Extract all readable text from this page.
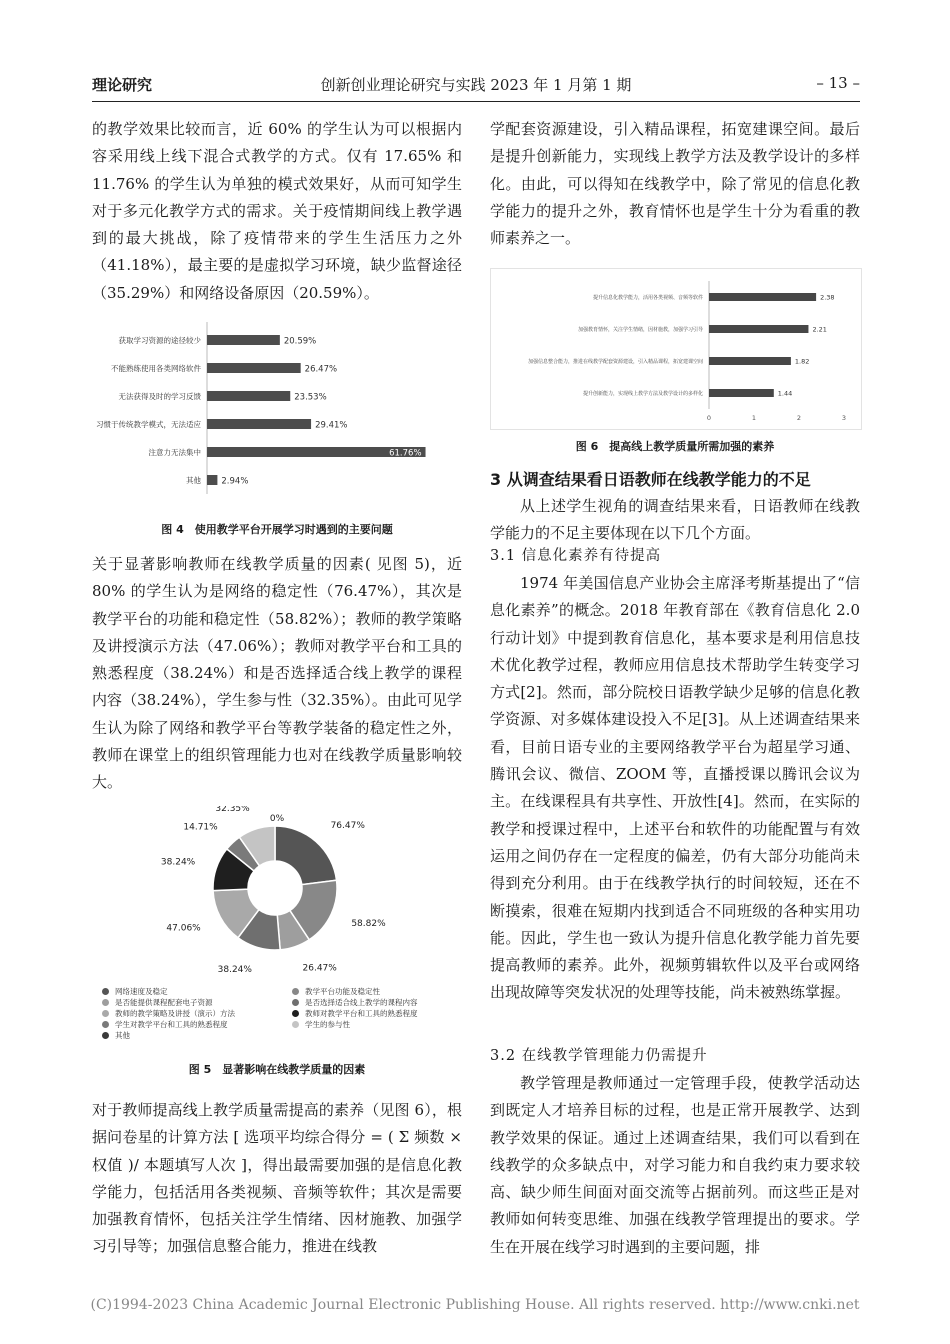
理论研究	创新创业理论研究与实践 2023 年 1 月第 1 期	– 13 –

的教学效果比较而言，近 60% 的学生认为可以根据内容采用线上线下混合式教学的方式。仅有 17.65% 和 11.76% 的学生认为单独的模式效果好，从而可知学生对于多元化教学方式的需求。关于疫情期间线上教学遇到的最大挑战，除了疫情带来的学生生活压力之外（41.18%），最主要的是虚拟学习环境，缺少监督途径（35.29%）和网络设备原因（20.59%）。

获取学习资源的途径较少	20.59%
不能熟练使用各类网络软件	26.47%
无法获得及时的学习反馈	23.53%
习惯于传统教学模式，无法适应	29.41%
注意力无法集中	61.76%
其他 2.94%
图 4　使用教学平台开展学习时遇到的主要问题

关于显著影响教师在线教学质量的因素( 见图 5)，近 80% 的学生认为是网络的稳定性（76.47%），其次是教学平台的功能和稳定性（58.82%）；教师的教学策略及讲授演示方法（47.06%）；教师对教学平台和工具的熟悉程度（38.24%）和是否选择适合线上教学的课程内容（38.24%），学生参与性（32.35%）。由此可见学生认为除了网络和教学平台等教学装备的稳定性之外，教师在课堂上的组织管理能力也对在线教学质量影响较大。

76.47%
58.82%
26.47%
38.24%
47.06%
38.24%
14.71%
32.35%
0%
网络速度及稳定	教学平台功能及稳定性
是否能提供课程配套电子资源	是否选择适合线上教学的课程内容
教师的教学策略及讲授（演示）方法	教师对教学平台和工具的熟悉程度
学生对教学平台和工具的熟悉程度	学生的参与性
其他
图 5　显著影响在线教学质量的因素

对于教师提高线上教学质量需提高的素养（见图 6），根据问卷星的计算方法 [ 选项平均综合得分 = ( Σ 频数 × 权值 )/ 本题填写人次 ]，得出最需要加强的是信息化教学能力，包括活用各类视频、音频等软件；其次是需要加强教育情怀，包括关注学生情绪、因材施教、加强学习引导等；加强信息整合能力，推进在线教

学配套资源建设，引入精品课程，拓宽建课空间。最后是提升创新能力，实现线上教学方法及教学设计的多样化。由此，可以得知在线教学中，除了常见的信息化教学能力的提升之外，教育情怀也是学生十分为看重的教师素养之一。

0	1	2	3
提升信息化教学能力，活用各类视频、音频等软件	2.38
加强教育情怀，关注学生情绪，因材施教，加强学习引导	2.21
加强信息整合能力，推进在线教学配套资源建设，引入精品课程，拓宽建课空间	1.82
提升创新能力，实现线上教学方法及教学设计的多样化	1.44
图 6　提高线上教学质量所需加强的素养
3 从调查结果看日语教师在线教学能力的不足

从上述学生视角的调查结果来看，日语教师在线教学能力的不足主要体现在以下几个方面。

3.1 信息化素养有待提高

1974 年美国信息产业协会主席泽考斯基提出了“信息化素养”的概念。2018 年教育部在《教育信息化 2.0 行动计划》中提到教育信息化，基本要求是利用信息技术优化教学过程，教师应用信息技术帮助学生转变学习方式[2]。然而，部分院校日语教学缺少足够的信息化教学资源、对多媒体建设投入不足[3]。从上述调查结果来看，目前日语专业的主要网络教学平台为超星学习通、腾讯会议、微信、ZOOM 等，直播授课以腾讯会议为主。在线课程具有共享性、开放性[4]。然而，在实际的教学和授课过程中，上述平台和软件的功能配置与有效运用之间仍存在一定程度的偏差，仍有大部分功能尚未得到充分利用。由于在线教学执行的时间较短，还在不断摸索，很难在短期内找到适合不同班级的各种实用功能。因此，学生也一致认为提升信息化教学能力首先要提高教师的素养。此外，视频剪辑软件以及平台或网络出现故障等突发状况的处理等技能，尚未被熟练掌握。

3.2 在线教学管理能力仍需提升

教学管理是教师通过一定管理手段，使教学活动达到既定人才培养目标的过程，也是正常开展教学、达到教学效果的保证。通过上述调查结果，我们可以看到在线教学的众多缺点中，对学习能力和自我约束力要求较高、缺少师生间面对面交流等占据前列。而这些正是对教师如何转变思维、加强在线教学管理提出的要求。学生在开展在线学习时遇到的主要问题，排

(C)1994-2023 China Academic Journal Electronic Publishing House. All rights reserved. http://www.cnki.net
